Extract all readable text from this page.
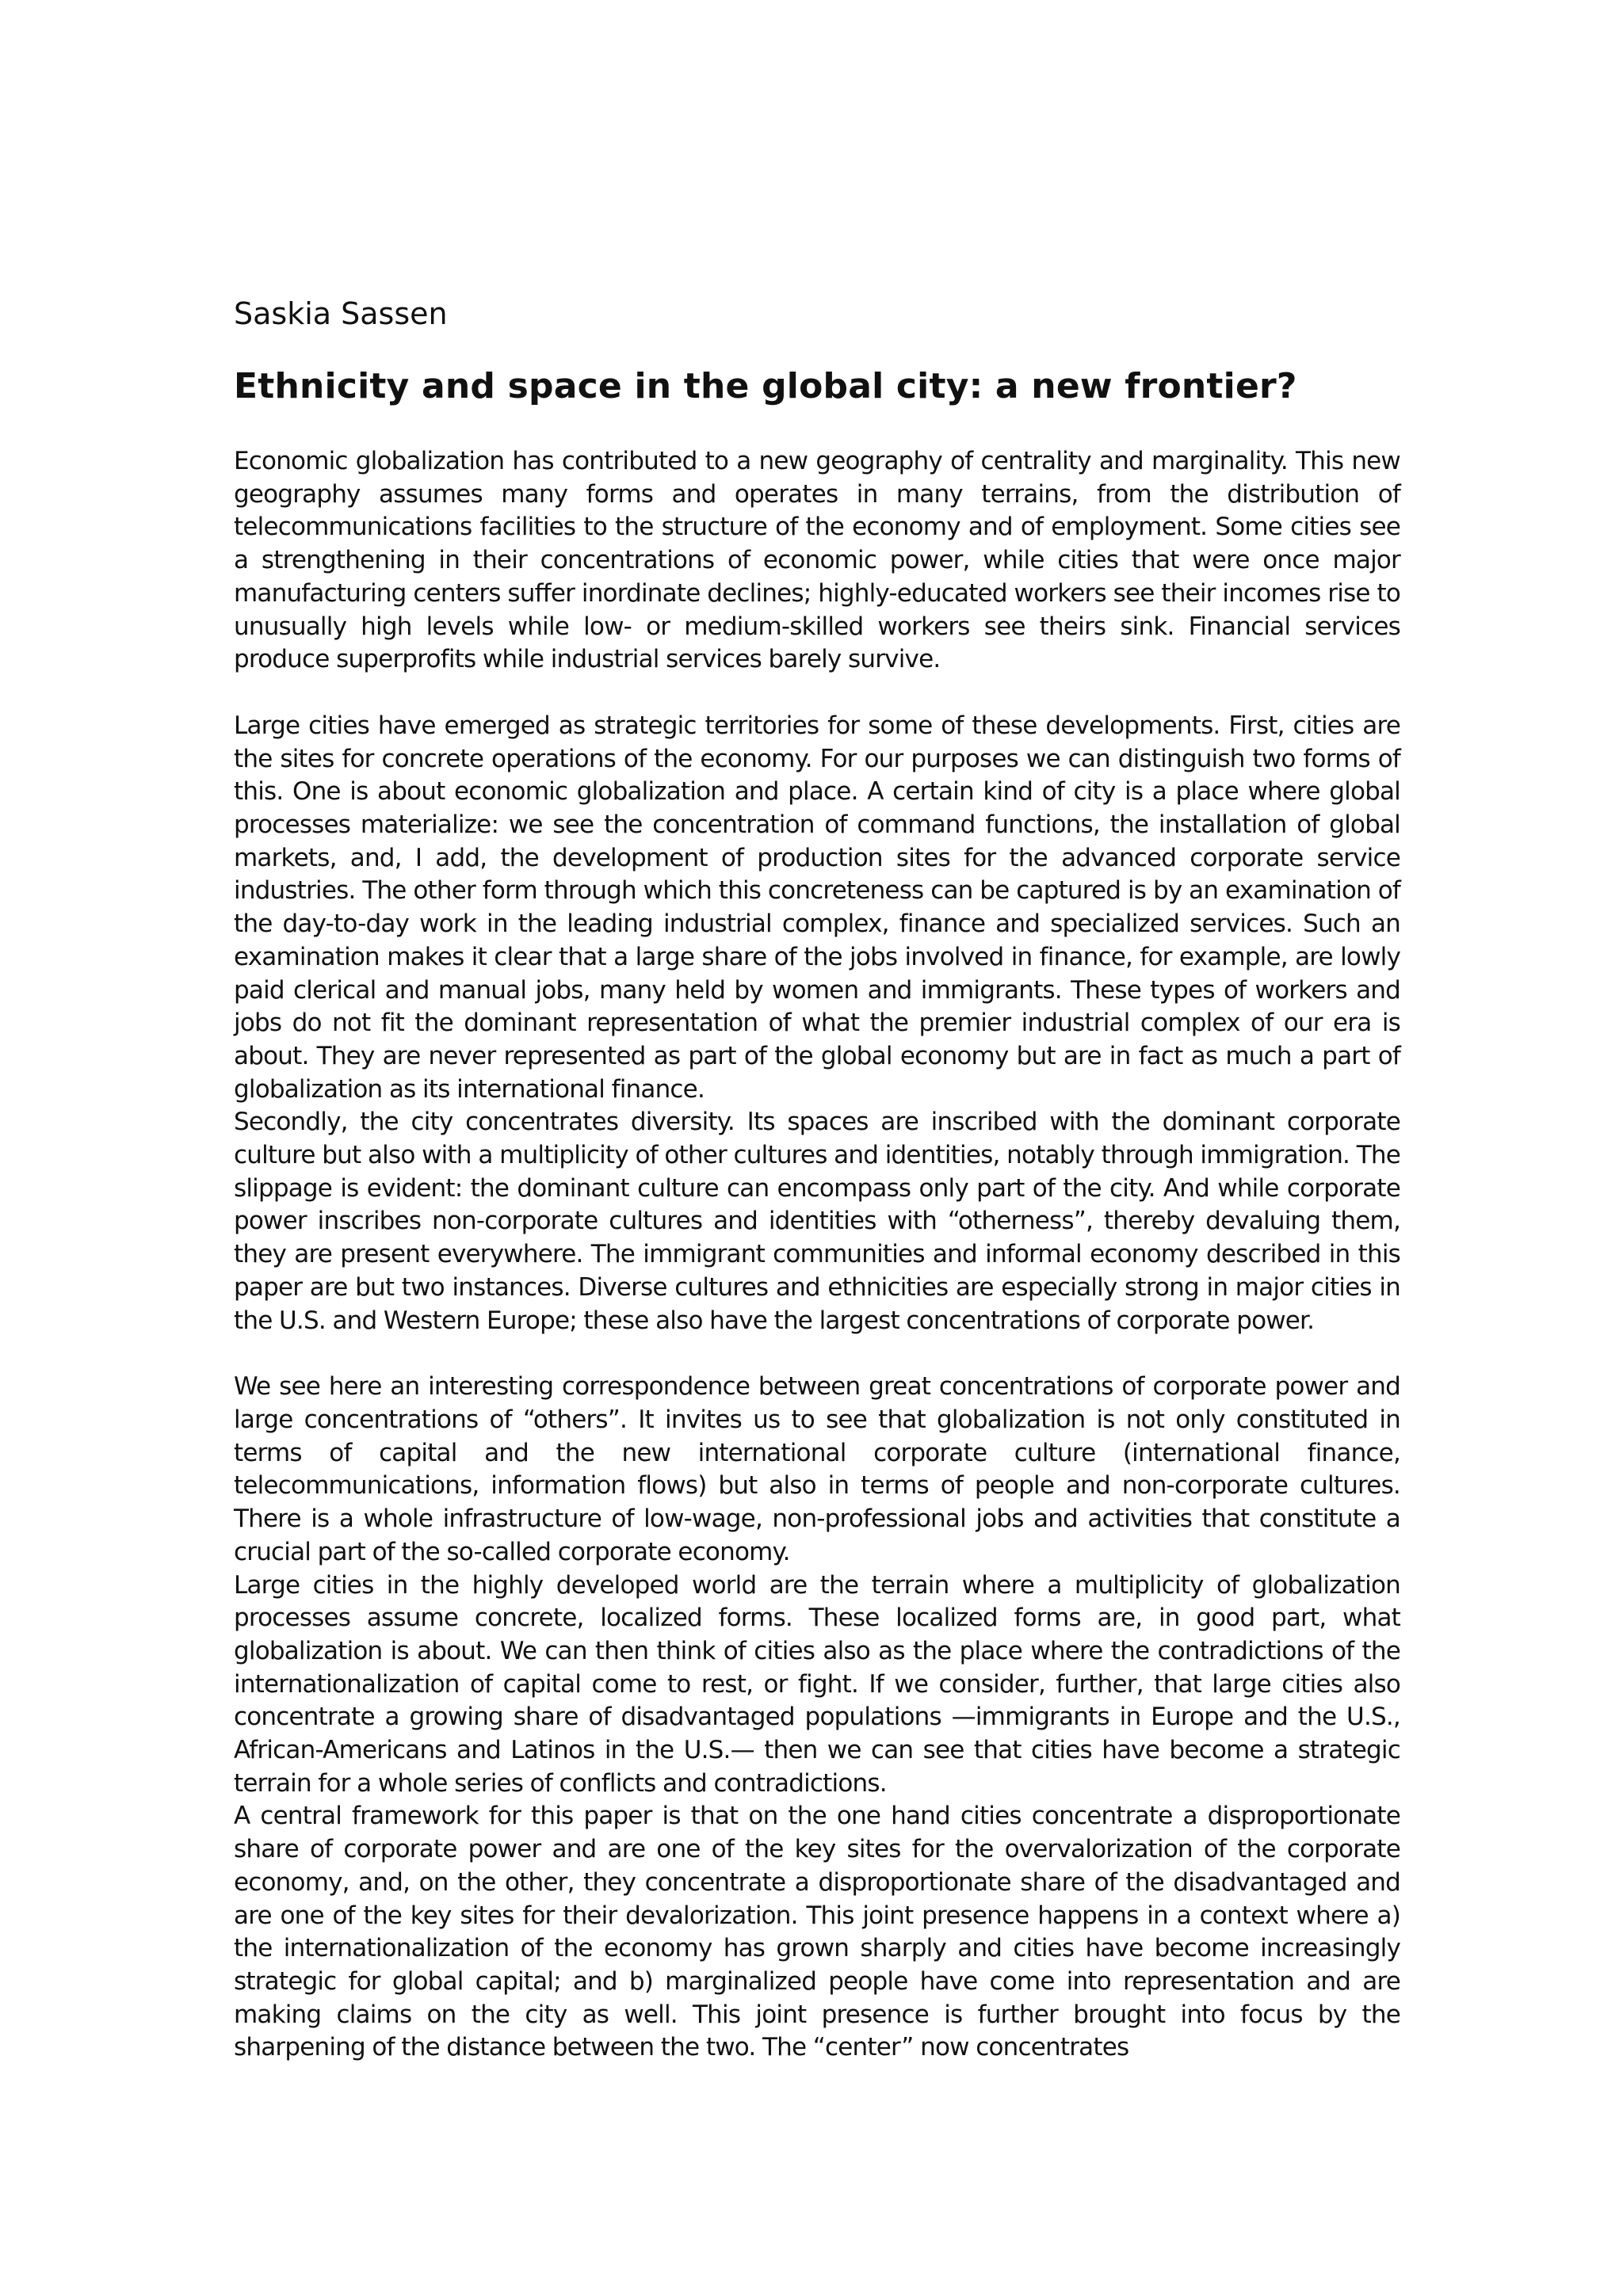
Saskia Sassen
Ethnicity and space in the global city: a new frontier?

Economic globalization has contributed to a new geography of centrality and marginality. This new geography assumes many forms and operates in many terrains, from the distribution of telecommunications facilities to the structure of the economy and of employment. Some cities see a strengthening in their concentrations of economic power, while cities that were once major manufacturing centers suffer inordinate declines; highly-educated workers see their incomes rise to unusually high levels while low- or medium-skilled workers see theirs sink. Financial services produce superprofits while industrial services barely survive.

Large cities have emerged as strategic territories for some of these developments. First, cities are the sites for concrete operations of the economy. For our purposes we can distinguish two forms of this. One is about economic globalization and place. A certain kind of city is a place where global processes materialize: we see the concentration of command functions, the installation of global markets, and, I add, the development of production sites for the advanced corporate service industries. The other form through which this concreteness can be captured is by an examination of the day-to-day work in the leading industrial complex, finance and specialized services. Such an examination makes it clear that a large share of the jobs involved in finance, for example, are lowly paid clerical and manual jobs, many held by women and immigrants. These types of workers and jobs do not fit the dominant representation of what the premier industrial complex of our era is about. They are never represented as part of the global economy but are in fact as much a part of globalization as its international finance.

Secondly, the city concentrates diversity. Its spaces are inscribed with the dominant corporate culture but also with a multiplicity of other cultures and identities, notably through immigration. The slippage is evident: the dominant culture can encompass only part of the city. And while corporate power inscribes non-corporate cultures and identities with “otherness”, thereby devaluing them, they are present everywhere. The immigrant communities and informal economy described in this paper are but two instances. Diverse cultures and ethnicities are especially strong in major cities in the U.S. and Western Europe; these also have the largest concentrations of corporate power.

We see here an interesting correspondence between great concentrations of corporate power and large concentrations of “others”. It invites us to see that globalization is not only constituted in terms of capital and the new international corporate culture (international finance, telecommunications, information flows) but also in terms of people and non-corporate cultures. There is a whole infrastructure of low-wage, non-professional jobs and activities that constitute a crucial part of the so-called corporate economy.

Large cities in the highly developed world are the terrain where a multiplicity of globalization processes assume concrete, localized forms. These localized forms are, in good part, what globalization is about. We can then think of cities also as the place where the contradictions of the internationalization of capital come to rest, or fight. If we consider, further, that large cities also concentrate a growing share of disadvantaged populations —immigrants in Europe and the U.S., African-Americans and Latinos in the U.S.— then we can see that cities have become a strategic terrain for a whole series of conflicts and contradictions.

A central framework for this paper is that on the one hand cities concentrate a disproportionate share of corporate power and are one of the key sites for the overvalorization of the corporate economy, and, on the other, they concentrate a disproportionate share of the disadvantaged and are one of the key sites for their devalorization. This joint presence happens in a context where a) the internationalization of the economy has grown sharply and cities have become increasingly strategic for global capital; and b) marginalized people have come into representation and are making claims on the city as well. This joint presence is further brought into focus by the sharpening of the distance between the two. The “center” now concentrates
